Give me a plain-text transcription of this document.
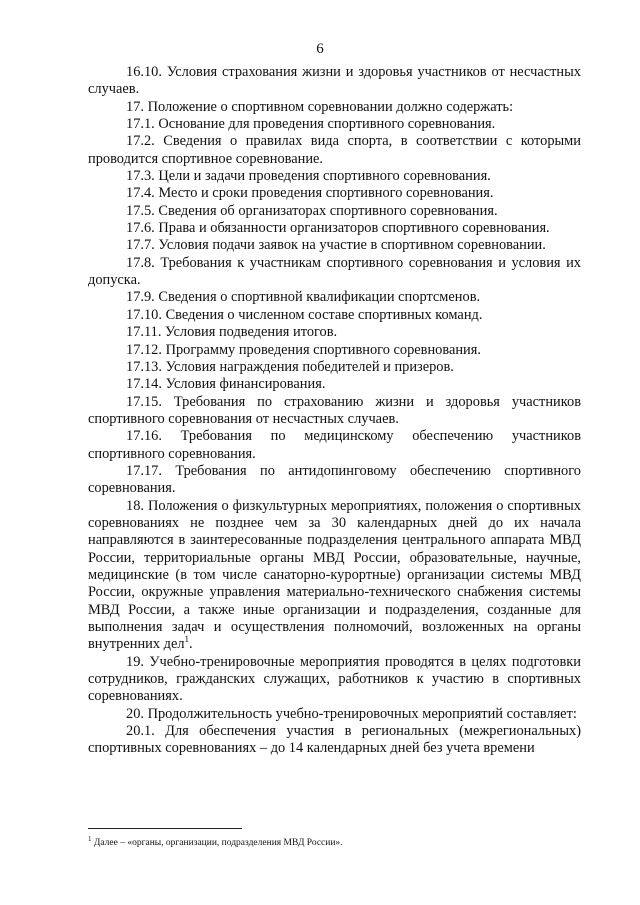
6

16.10. Условия страхования жизни и здоровья участников от несчастных случаев.

17. Положение о спортивном соревновании должно содержать:

17.1. Основание для проведения спортивного соревнования.

17.2. Сведения о правилах вида спорта, в соответствии с которыми проводится спортивное соревнование.

17.3. Цели и задачи проведения спортивного соревнования.

17.4. Место и сроки проведения спортивного соревнования.

17.5. Сведения об организаторах спортивного соревнования.

17.6. Права и обязанности организаторов спортивного соревнования.

17.7. Условия подачи заявок на участие в спортивном соревновании.

17.8. Требования к участникам спортивного соревнования и условия их допуска.

17.9. Сведения о спортивной квалификации спортсменов.

17.10. Сведения о численном составе спортивных команд.

17.11. Условия подведения итогов.

17.12. Программу проведения спортивного соревнования.

17.13. Условия награждения победителей и призеров.

17.14. Условия финансирования.

17.15. Требования по страхованию жизни и здоровья участников спортивного соревнования от несчастных случаев.

17.16. Требования по медицинскому обеспечению участников спортивного соревнования.

17.17. Требования по антидопинговому обеспечению спортивного соревнования.

18. Положения о физкультурных мероприятиях, положения о спортивных соревнованиях не позднее чем за 30 календарных дней до их начала направляются в заинтересованные подразделения центрального аппарата МВД России, территориальные органы МВД России, образовательные, научные, медицинские (в том числе санаторно-курортные) организации системы МВД России, окружные управления материально-технического снабжения системы МВД России, а также иные организации и подразделения, созданные для выполнения задач и осуществления полномочий, возложенных на органы внутренних дел$^1$.

19. Учебно-тренировочные мероприятия проводятся в целях подготовки сотрудников, гражданских служащих, работников к участию в спортивных соревнованиях.

20. Продолжительность учебно-тренировочных мероприятий составляет:

20.1. Для обеспечения участия в региональных (межрегиональных) спортивных соревнованиях – до 14 календарных дней без учета времени

$^1$ Далее – «органы, организации, подразделения МВД России».
